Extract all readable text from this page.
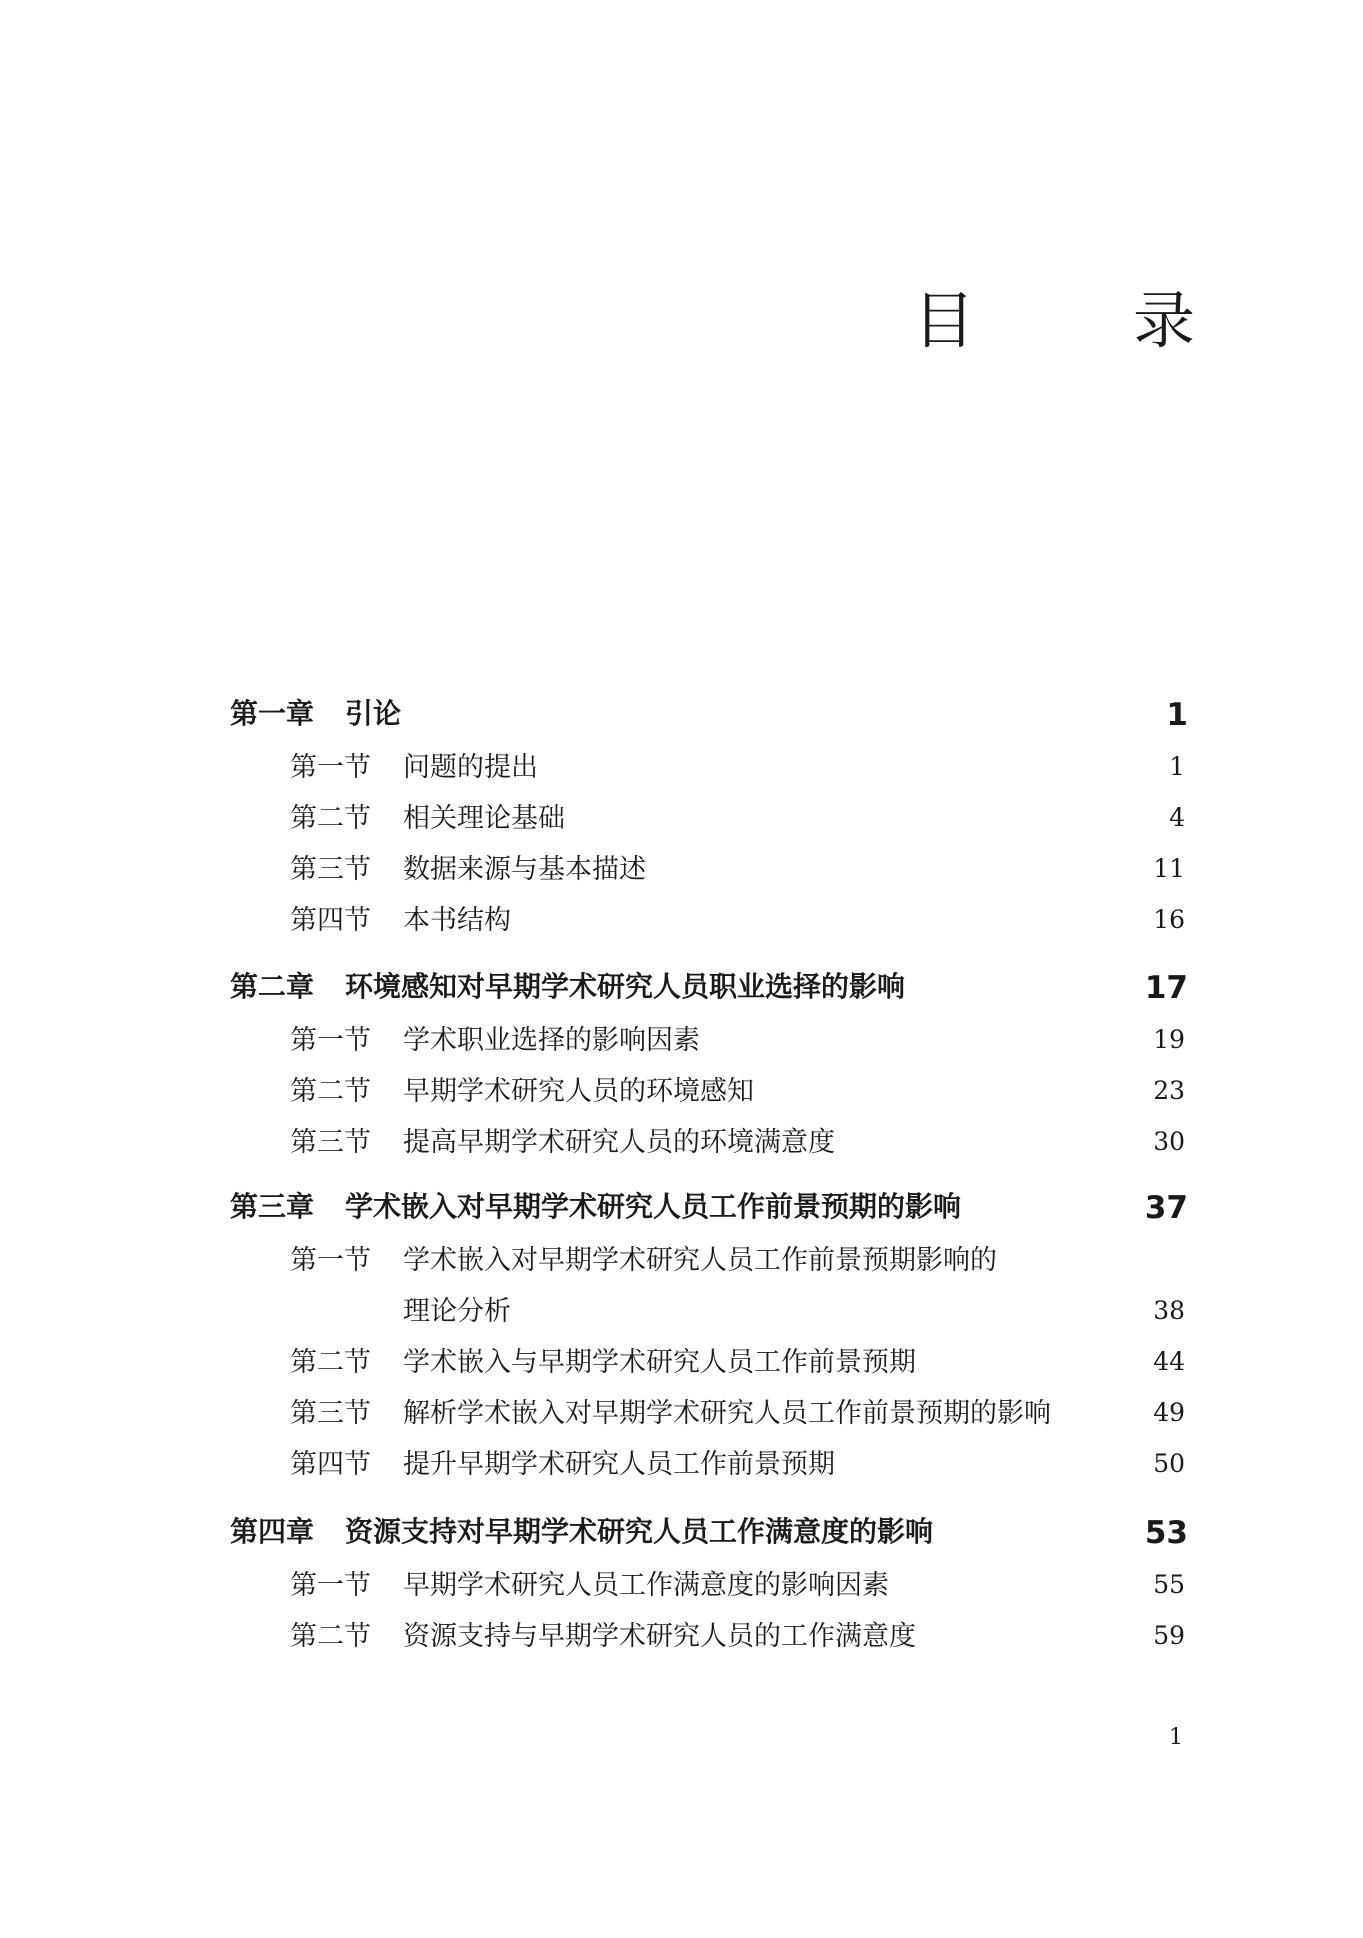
目　录
第一章 引论	1
第一节 问题的提出	1
第二节 相关理论基础	4
第三节 数据来源与基本描述	11
第四节 本书结构	16
第二章 环境感知对早期学术研究人员职业选择的影响	17
第一节 学术职业选择的影响因素	19
第二节 早期学术研究人员的环境感知	23
第三节 提高早期学术研究人员的环境满意度	30
第三章 学术嵌入对早期学术研究人员工作前景预期的影响	37
第一节 学术嵌入对早期学术研究人员工作前景预期影响的
理论分析	38
第二节 学术嵌入与早期学术研究人员工作前景预期	44
第三节 解析学术嵌入对早期学术研究人员工作前景预期的影响	49
第四节 提升早期学术研究人员工作前景预期	50
第四章 资源支持对早期学术研究人员工作满意度的影响	53
第一节 早期学术研究人员工作满意度的影响因素	55
第二节 资源支持与早期学术研究人员的工作满意度	59
1
